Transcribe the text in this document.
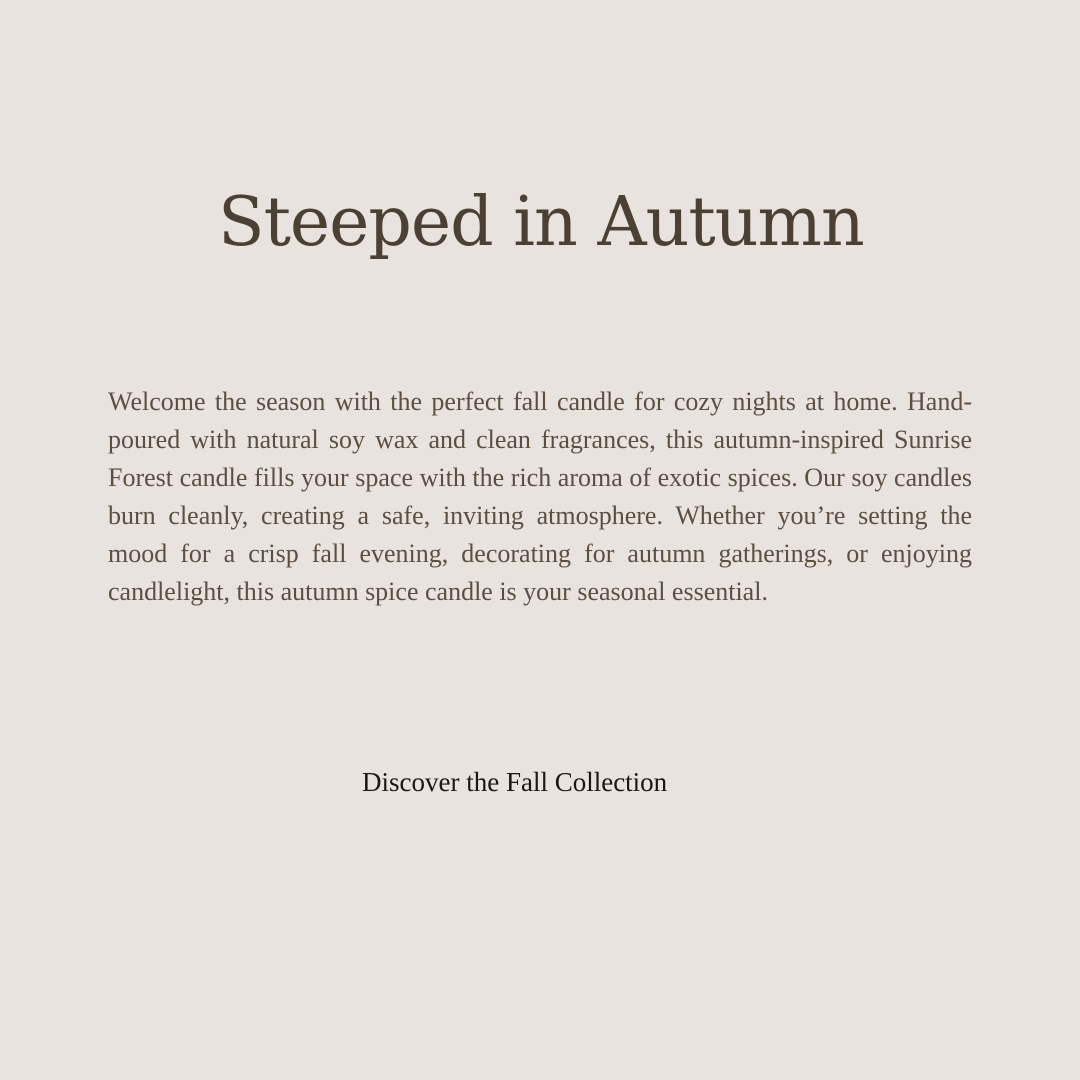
Steeped in Autumn

Welcome the season with the perfect fall candle for cozy nights at home. Hand-poured with natural soy wax and clean fragrances, this autumn-inspired Sunrise Forest candle fills your space with the rich aroma of exotic spices. Our soy candles burn cleanly, creating a safe, inviting atmosphere. Whether you’re setting the mood for a crisp fall evening, decorating for autumn gatherings, or enjoying candlelight, this autumn spice candle is your seasonal essential.

Discover the Fall Collection
